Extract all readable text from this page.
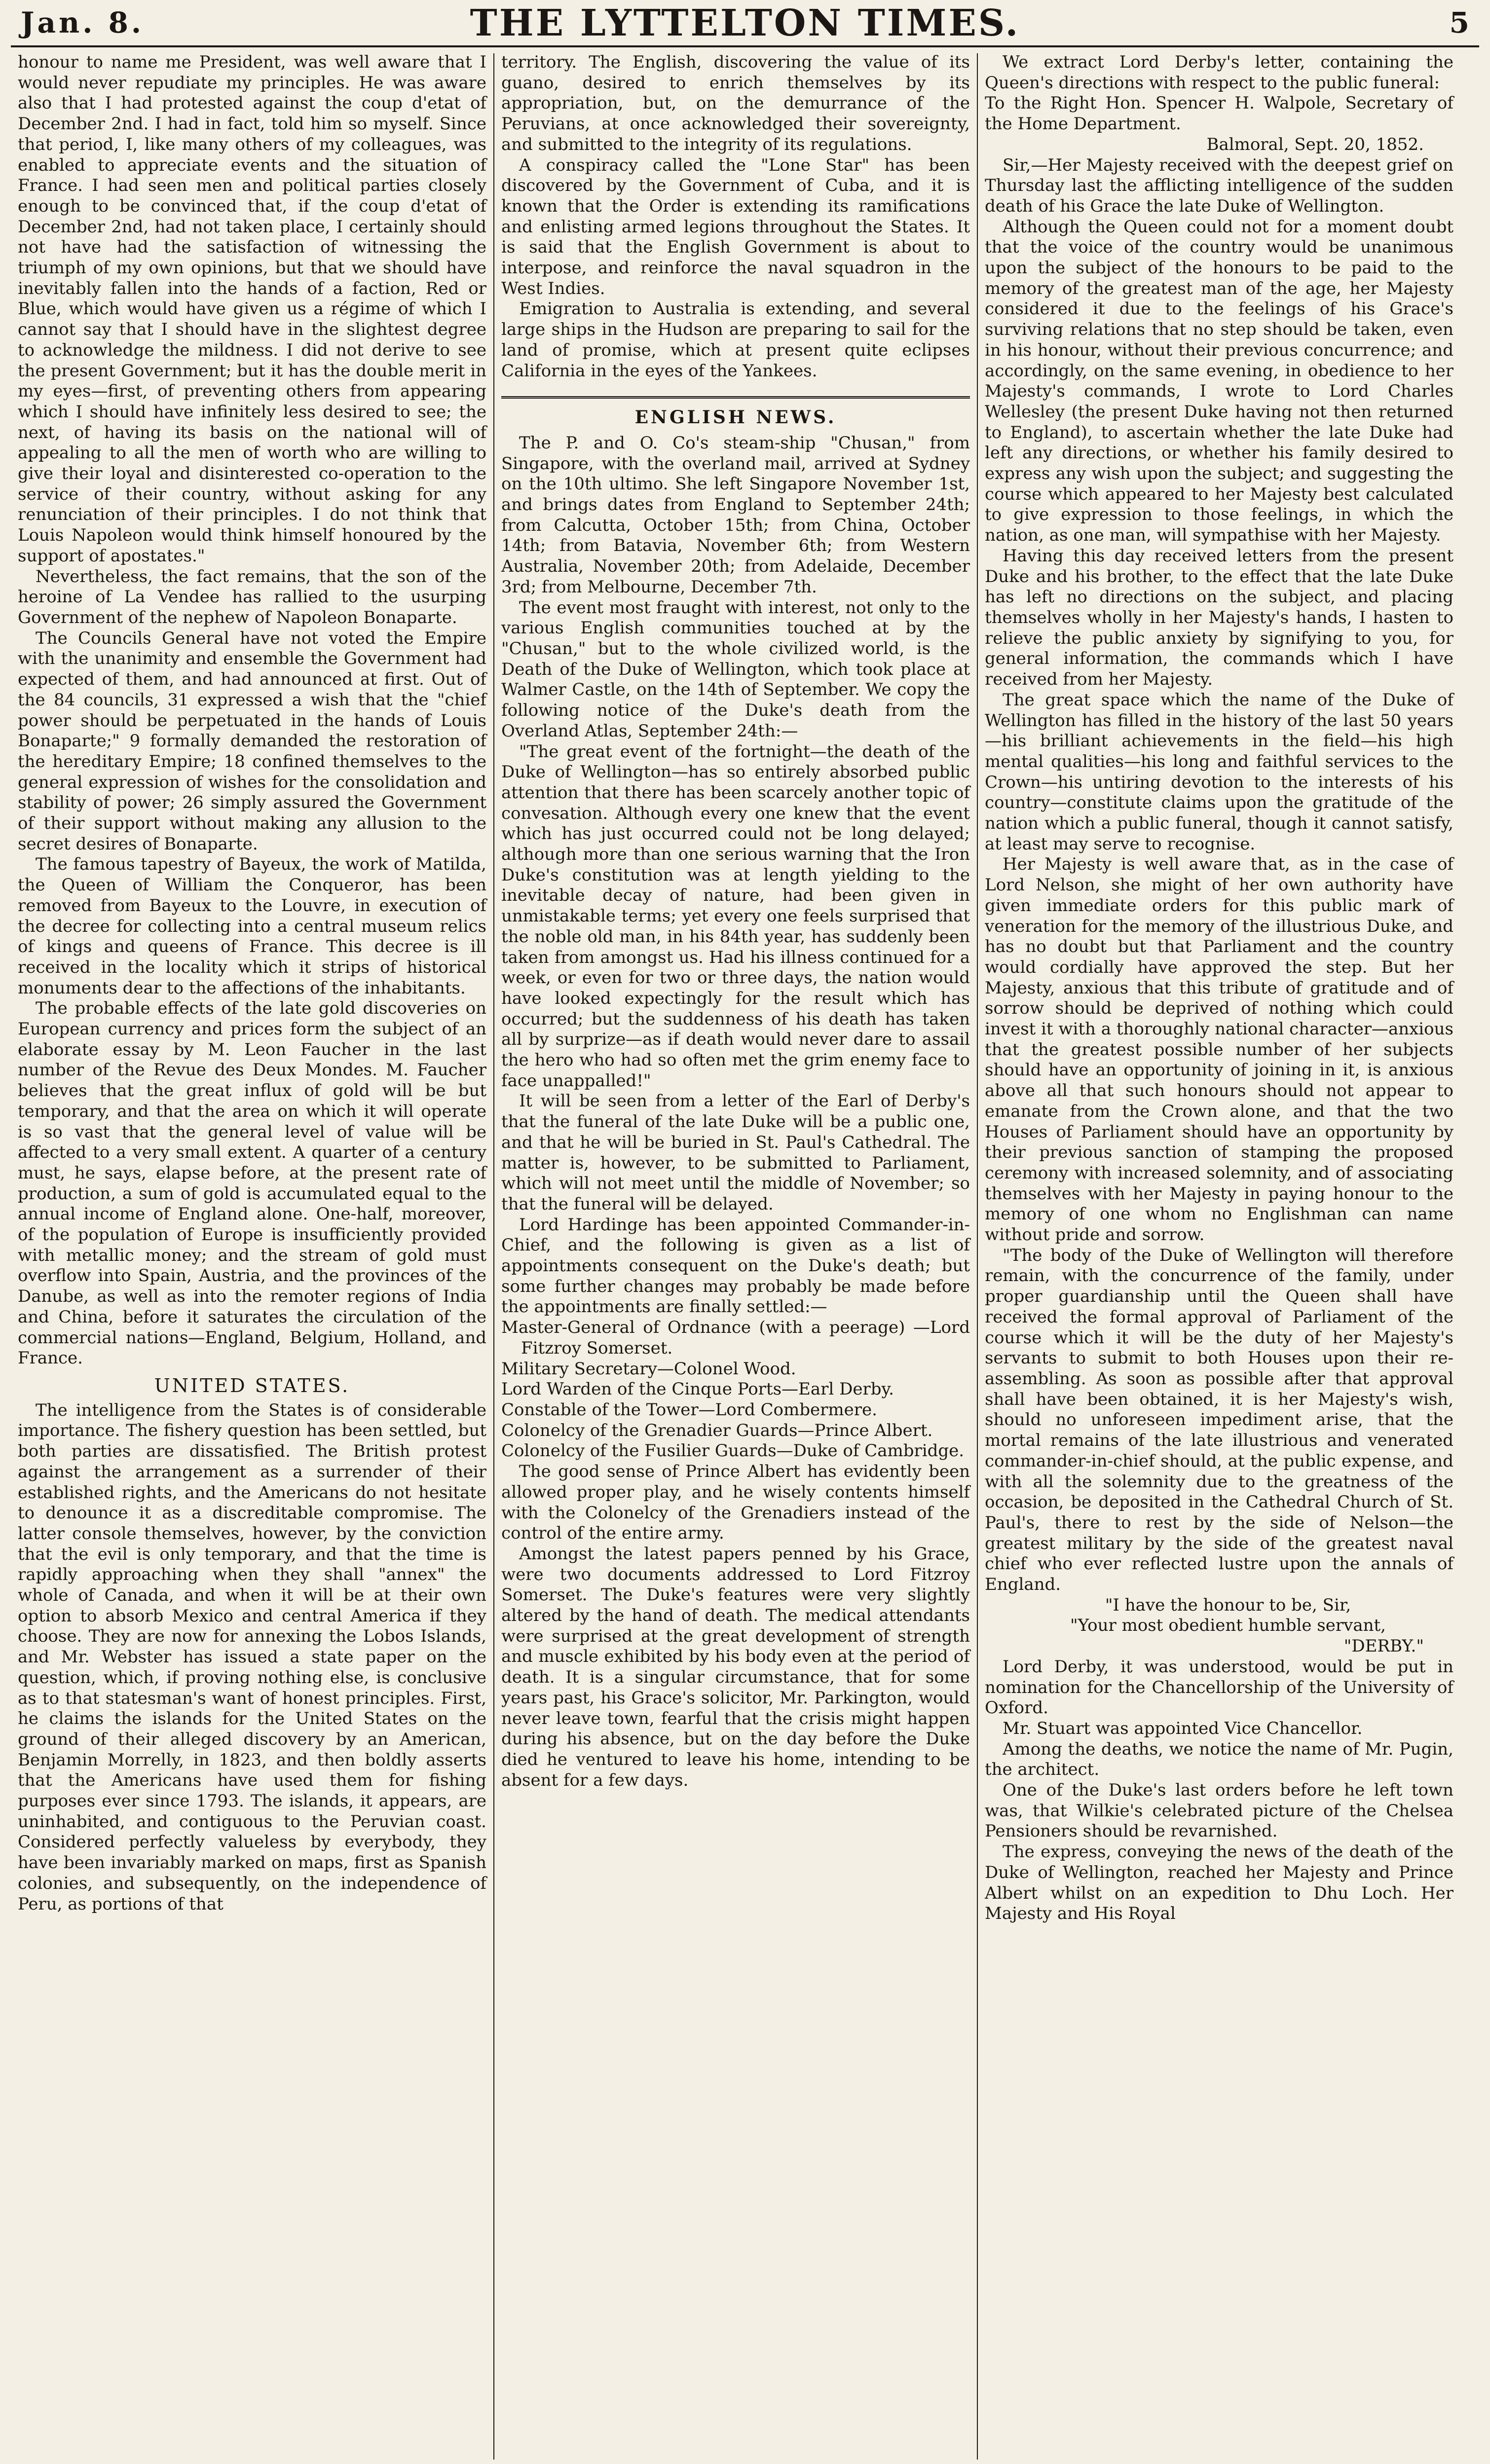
Jan. 8.	THE LYTTELTON TIMES.	5

honour to name me President, was well aware that I would never repudiate my principles. He was aware also that I had protested against the coup d'etat of December 2nd. I had in fact, told him so myself. Since that period, I, like many others of my colleagues, was enabled to appreciate events and the situation of France. I had seen men and political parties closely enough to be convinced that, if the coup d'etat of December 2nd, had not taken place, I certainly should not have had the satisfaction of witnessing the triumph of my own opinions, but that we should have inevitably fallen into the hands of a faction, Red or Blue, which would have given us a régime of which I cannot say that I should have in the slightest degree to acknowledge the mildness. I did not derive to see the present Government; but it has the double merit in my eyes—first, of preventing others from appearing which I should have infinitely less desired to see; the next, of having its basis on the national will of appealing to all the men of worth who are willing to give their loyal and disinterested co-operation to the service of their country, without asking for any renunciation of their principles. I do not think that Louis Napoleon would think himself honoured by the support of apostates."

Nevertheless, the fact remains, that the son of the heroine of La Vendee has rallied to the usurping Government of the nephew of Napoleon Bonaparte.

The Councils General have not voted the Empire with the unanimity and ensemble the Government had expected of them, and had announced at first. Out of the 84 councils, 31 expressed a wish that the "chief power should be perpetuated in the hands of Louis Bonaparte;" 9 formally demanded the restoration of the hereditary Empire; 18 confined themselves to the general expression of wishes for the consolidation and stability of power; 26 simply assured the Government of their support without making any allusion to the secret desires of Bonaparte.

The famous tapestry of Bayeux, the work of Matilda, the Queen of William the Conqueror, has been removed from Bayeux to the Louvre, in execution of the decree for collecting into a central museum relics of kings and queens of France. This decree is ill received in the locality which it strips of historical monuments dear to the affections of the inhabitants.

The probable effects of the late gold discoveries on European currency and prices form the subject of an elaborate essay by M. Leon Faucher in the last number of the Revue des Deux Mondes. M. Faucher believes that the great influx of gold will be but temporary, and that the area on which it will operate is so vast that the general level of value will be affected to a very small extent. A quarter of a century must, he says, elapse before, at the present rate of production, a sum of gold is accumulated equal to the annual income of England alone. One-half, moreover, of the population of Europe is insufficiently provided with metallic money; and the stream of gold must overflow into Spain, Austria, and the provinces of the Danube, as well as into the remoter regions of India and China, before it saturates the circulation of the commercial nations—England, Belgium, Holland, and France.

UNITED STATES.

The intelligence from the States is of considerable importance. The fishery question has been settled, but both parties are dissatisfied. The British protest against the arrangement as a surrender of their established rights, and the Americans do not hesitate to denounce it as a discreditable compromise. The latter console themselves, however, by the conviction that the evil is only temporary, and that the time is rapidly approaching when they shall "annex" the whole of Canada, and when it will be at their own option to absorb Mexico and central America if they choose. They are now for annexing the Lobos Islands, and Mr. Webster has issued a state paper on the question, which, if proving nothing else, is conclusive as to that statesman's want of honest principles. First, he claims the islands for the United States on the ground of their alleged discovery by an American, Benjamin Morrelly, in 1823, and then boldly asserts that the Americans have used them for fishing purposes ever since 1793. The islands, it appears, are uninhabited, and contiguous to the Peruvian coast. Considered perfectly valueless by everybody, they have been invariably marked on maps, first as Spanish colonies, and subsequently, on the independence of Peru, as portions of that

territory. The English, discovering the value of its guano, desired to enrich themselves by its appropriation, but, on the demurrance of the Peruvians, at once acknowledged their sovereignty, and submitted to the integrity of its regulations.

A conspiracy called the "Lone Star" has been discovered by the Government of Cuba, and it is known that the Order is extending its ramifications and enlisting armed legions throughout the States. It is said that the English Government is about to interpose, and reinforce the naval squadron in the West Indies.

Emigration to Australia is extending, and several large ships in the Hudson are preparing to sail for the land of promise, which at present quite eclipses California in the eyes of the Yankees.

ENGLISH NEWS.

The P. and O. Co's steam-ship "Chusan," from Singapore, with the overland mail, arrived at Sydney on the 10th ultimo. She left Singapore November 1st, and brings dates from England to September 24th; from Calcutta, October 15th; from China, October 14th; from Batavia, November 6th; from Western Australia, November 20th; from Adelaide, December 3rd; from Melbourne, December 7th.

The event most fraught with interest, not only to the various English communities touched at by the "Chusan," but to the whole civilized world, is the Death of the Duke of Wellington, which took place at Walmer Castle, on the 14th of September. We copy the following notice of the Duke's death from the Overland Atlas, September 24th:—

"The great event of the fortnight—the death of the Duke of Wellington—has so entirely absorbed public attention that there has been scarcely another topic of convesation. Although every one knew that the event which has just occurred could not be long delayed; although more than one serious warning that the Iron Duke's constitution was at length yielding to the inevitable decay of nature, had been given in unmistakable terms; yet every one feels surprised that the noble old man, in his 84th year, has suddenly been taken from amongst us. Had his illness continued for a week, or even for two or three days, the nation would have looked expectingly for the result which has occurred; but the suddenness of his death has taken all by surprize—as if death would never dare to assail the hero who had so often met the grim enemy face to face unappalled!"

It will be seen from a letter of the Earl of Derby's that the funeral of the late Duke will be a public one, and that he will be buried in St. Paul's Cathedral. The matter is, however, to be submitted to Parliament, which will not meet until the middle of November; so that the funeral will be delayed.

Lord Hardinge has been appointed Commander-in-Chief, and the following is given as a list of appointments consequent on the Duke's death; but some further changes may probably be made before the appointments are finally settled:—

Master-General of Ordnance (with a peerage) —Lord Fitzroy Somerset.

Military Secretary—Colonel Wood.

Lord Warden of the Cinque Ports—Earl Derby.

Constable of the Tower—Lord Combermere.

Colonelcy of the Grenadier Guards—Prince Albert.

Colonelcy of the Fusilier Guards—Duke of Cambridge.

The good sense of Prince Albert has evidently been allowed proper play, and he wisely contents himself with the Colonelcy of the Grenadiers instead of the control of the entire army.

Amongst the latest papers penned by his Grace, were two documents addressed to Lord Fitzroy Somerset. The Duke's features were very slightly altered by the hand of death. The medical attendants were surprised at the great development of strength and muscle exhibited by his body even at the period of death. It is a singular circumstance, that for some years past, his Grace's solicitor, Mr. Parkington, would never leave town, fearful that the crisis might happen during his absence, but on the day before the Duke died he ventured to leave his home, intending to be absent for a few days.

We extract Lord Derby's letter, containing the Queen's directions with respect to the public funeral:

To the Right Hon. Spencer H. Walpole, Secretary of the Home Department.

Balmoral, Sept. 20, 1852.

Sir,—Her Majesty received with the deepest grief on Thursday last the afflicting intelligence of the sudden death of his Grace the late Duke of Wellington.

Although the Queen could not for a moment doubt that the voice of the country would be unanimous upon the subject of the honours to be paid to the memory of the greatest man of the age, her Majesty considered it due to the feelings of his Grace's surviving relations that no step should be taken, even in his honour, without their previous concurrence; and accordingly, on the same evening, in obedience to her Majesty's commands, I wrote to Lord Charles Wellesley (the present Duke having not then returned to England), to ascertain whether the late Duke had left any directions, or whether his family desired to express any wish upon the subject; and suggesting the course which appeared to her Majesty best calculated to give expression to those feelings, in which the nation, as one man, will sympathise with her Majesty.

Having this day received letters from the present Duke and his brother, to the effect that the late Duke has left no directions on the subject, and placing themselves wholly in her Majesty's hands, I hasten to relieve the public anxiety by signifying to you, for general information, the commands which I have received from her Majesty.

The great space which the name of the Duke of Wellington has filled in the history of the last 50 years—his brilliant achievements in the field—his high mental qualities—his long and faithful services to the Crown—his untiring devotion to the interests of his country—constitute claims upon the gratitude of the nation which a public funeral, though it cannot satisfy, at least may serve to recognise.

Her Majesty is well aware that, as in the case of Lord Nelson, she might of her own authority have given immediate orders for this public mark of veneration for the memory of the illustrious Duke, and has no doubt but that Parliament and the country would cordially have approved the step. But her Majesty, anxious that this tribute of gratitude and of sorrow should be deprived of nothing which could invest it with a thoroughly national character—anxious that the greatest possible number of her subjects should have an opportunity of joining in it, is anxious above all that such honours should not appear to emanate from the Crown alone, and that the two Houses of Parliament should have an opportunity by their previous sanction of stamping the proposed ceremony with increased solemnity, and of associating themselves with her Majesty in paying honour to the memory of one whom no Englishman can name without pride and sorrow.

"The body of the Duke of Wellington will therefore remain, with the concurrence of the family, under proper guardianship until the Queen shall have received the formal approval of Parliament of the course which it will be the duty of her Majesty's servants to submit to both Houses upon their re-assembling. As soon as possible after that approval shall have been obtained, it is her Majesty's wish, should no unforeseen impediment arise, that the mortal remains of the late illustrious and venerated commander-in-chief should, at the public expense, and with all the solemnity due to the greatness of the occasion, be deposited in the Cathedral Church of St. Paul's, there to rest by the side of Nelson—the greatest military by the side of the greatest naval chief who ever reflected lustre upon the annals of England.

"I have the honour to be, Sir,

"Your most obedient humble servant,

"DERBY."

Lord Derby, it was understood, would be put in nomination for the Chancellorship of the University of Oxford.

Mr. Stuart was appointed Vice Chancellor.

Among the deaths, we notice the name of Mr. Pugin, the architect.

One of the Duke's last orders before he left town was, that Wilkie's celebrated picture of the Chelsea Pensioners should be revarnished.

The express, conveying the news of the death of the Duke of Wellington, reached her Majesty and Prince Albert whilst on an expedition to Dhu Loch. Her Majesty and His Royal
